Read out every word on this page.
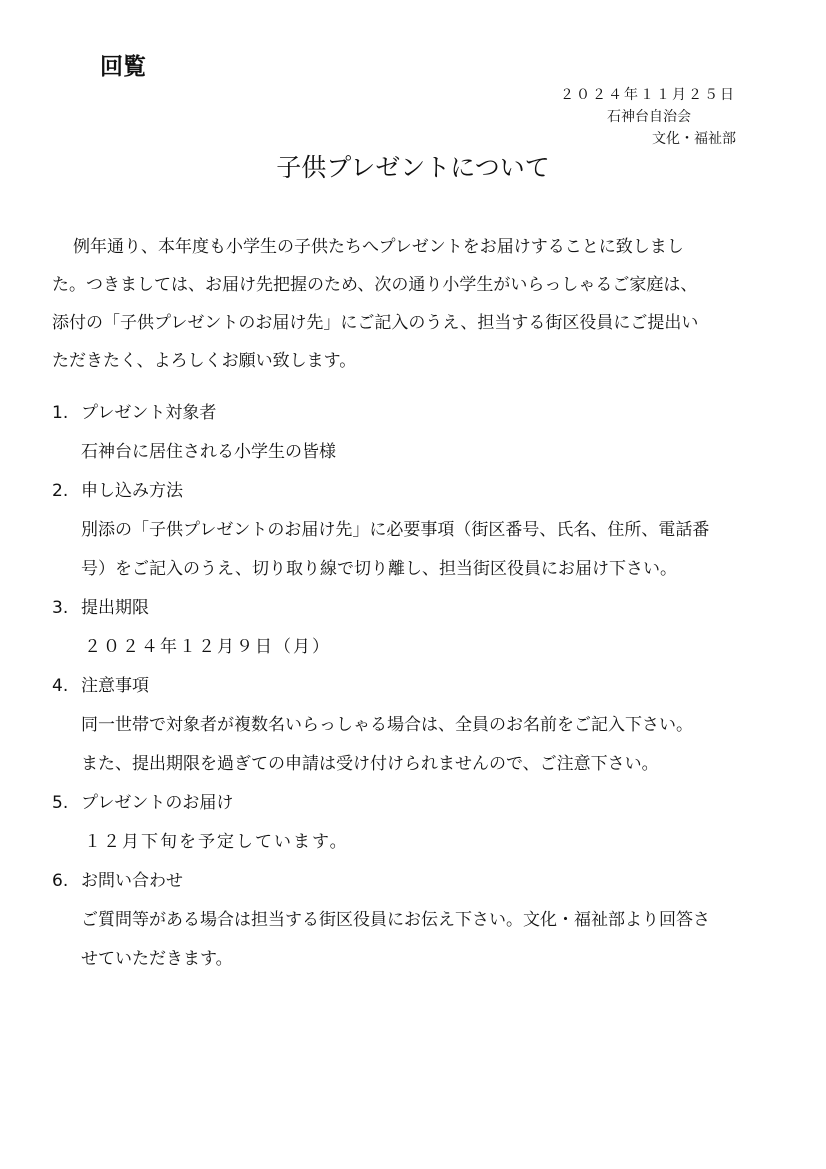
回覧
２０２４年１１月２５日
石神台自治会
文化・福祉部
子供プレゼントについて
例年通り、本年度も小学生の子供たちへプレゼントをお届けすることに致しまし
た。つきましては、お届け先把握のため、次の通り小学生がいらっしゃるご家庭は、
添付の「子供プレゼントのお届け先」にご記入のうえ、担当する街区役員にご提出い
ただきたく、よろしくお願い致します。
1. プレゼント対象者
石神台に居住される小学生の皆様
2. 申し込み方法
別添の「子供プレゼントのお届け先」に必要事項（街区番号、氏名、住所、電話番
号）をご記入のうえ、切り取り線で切り離し、担当街区役員にお届け下さい。
3. 提出期限
２０２４年１２月９日（月）
4. 注意事項
同一世帯で対象者が複数名いらっしゃる場合は、全員のお名前をご記入下さい。
また、提出期限を過ぎての申請は受け付けられませんので、ご注意下さい。
5. プレゼントのお届け
１２月下旬を予定しています。
6. お問い合わせ
ご質問等がある場合は担当する街区役員にお伝え下さい。文化・福祉部より回答さ
せていただきます。
